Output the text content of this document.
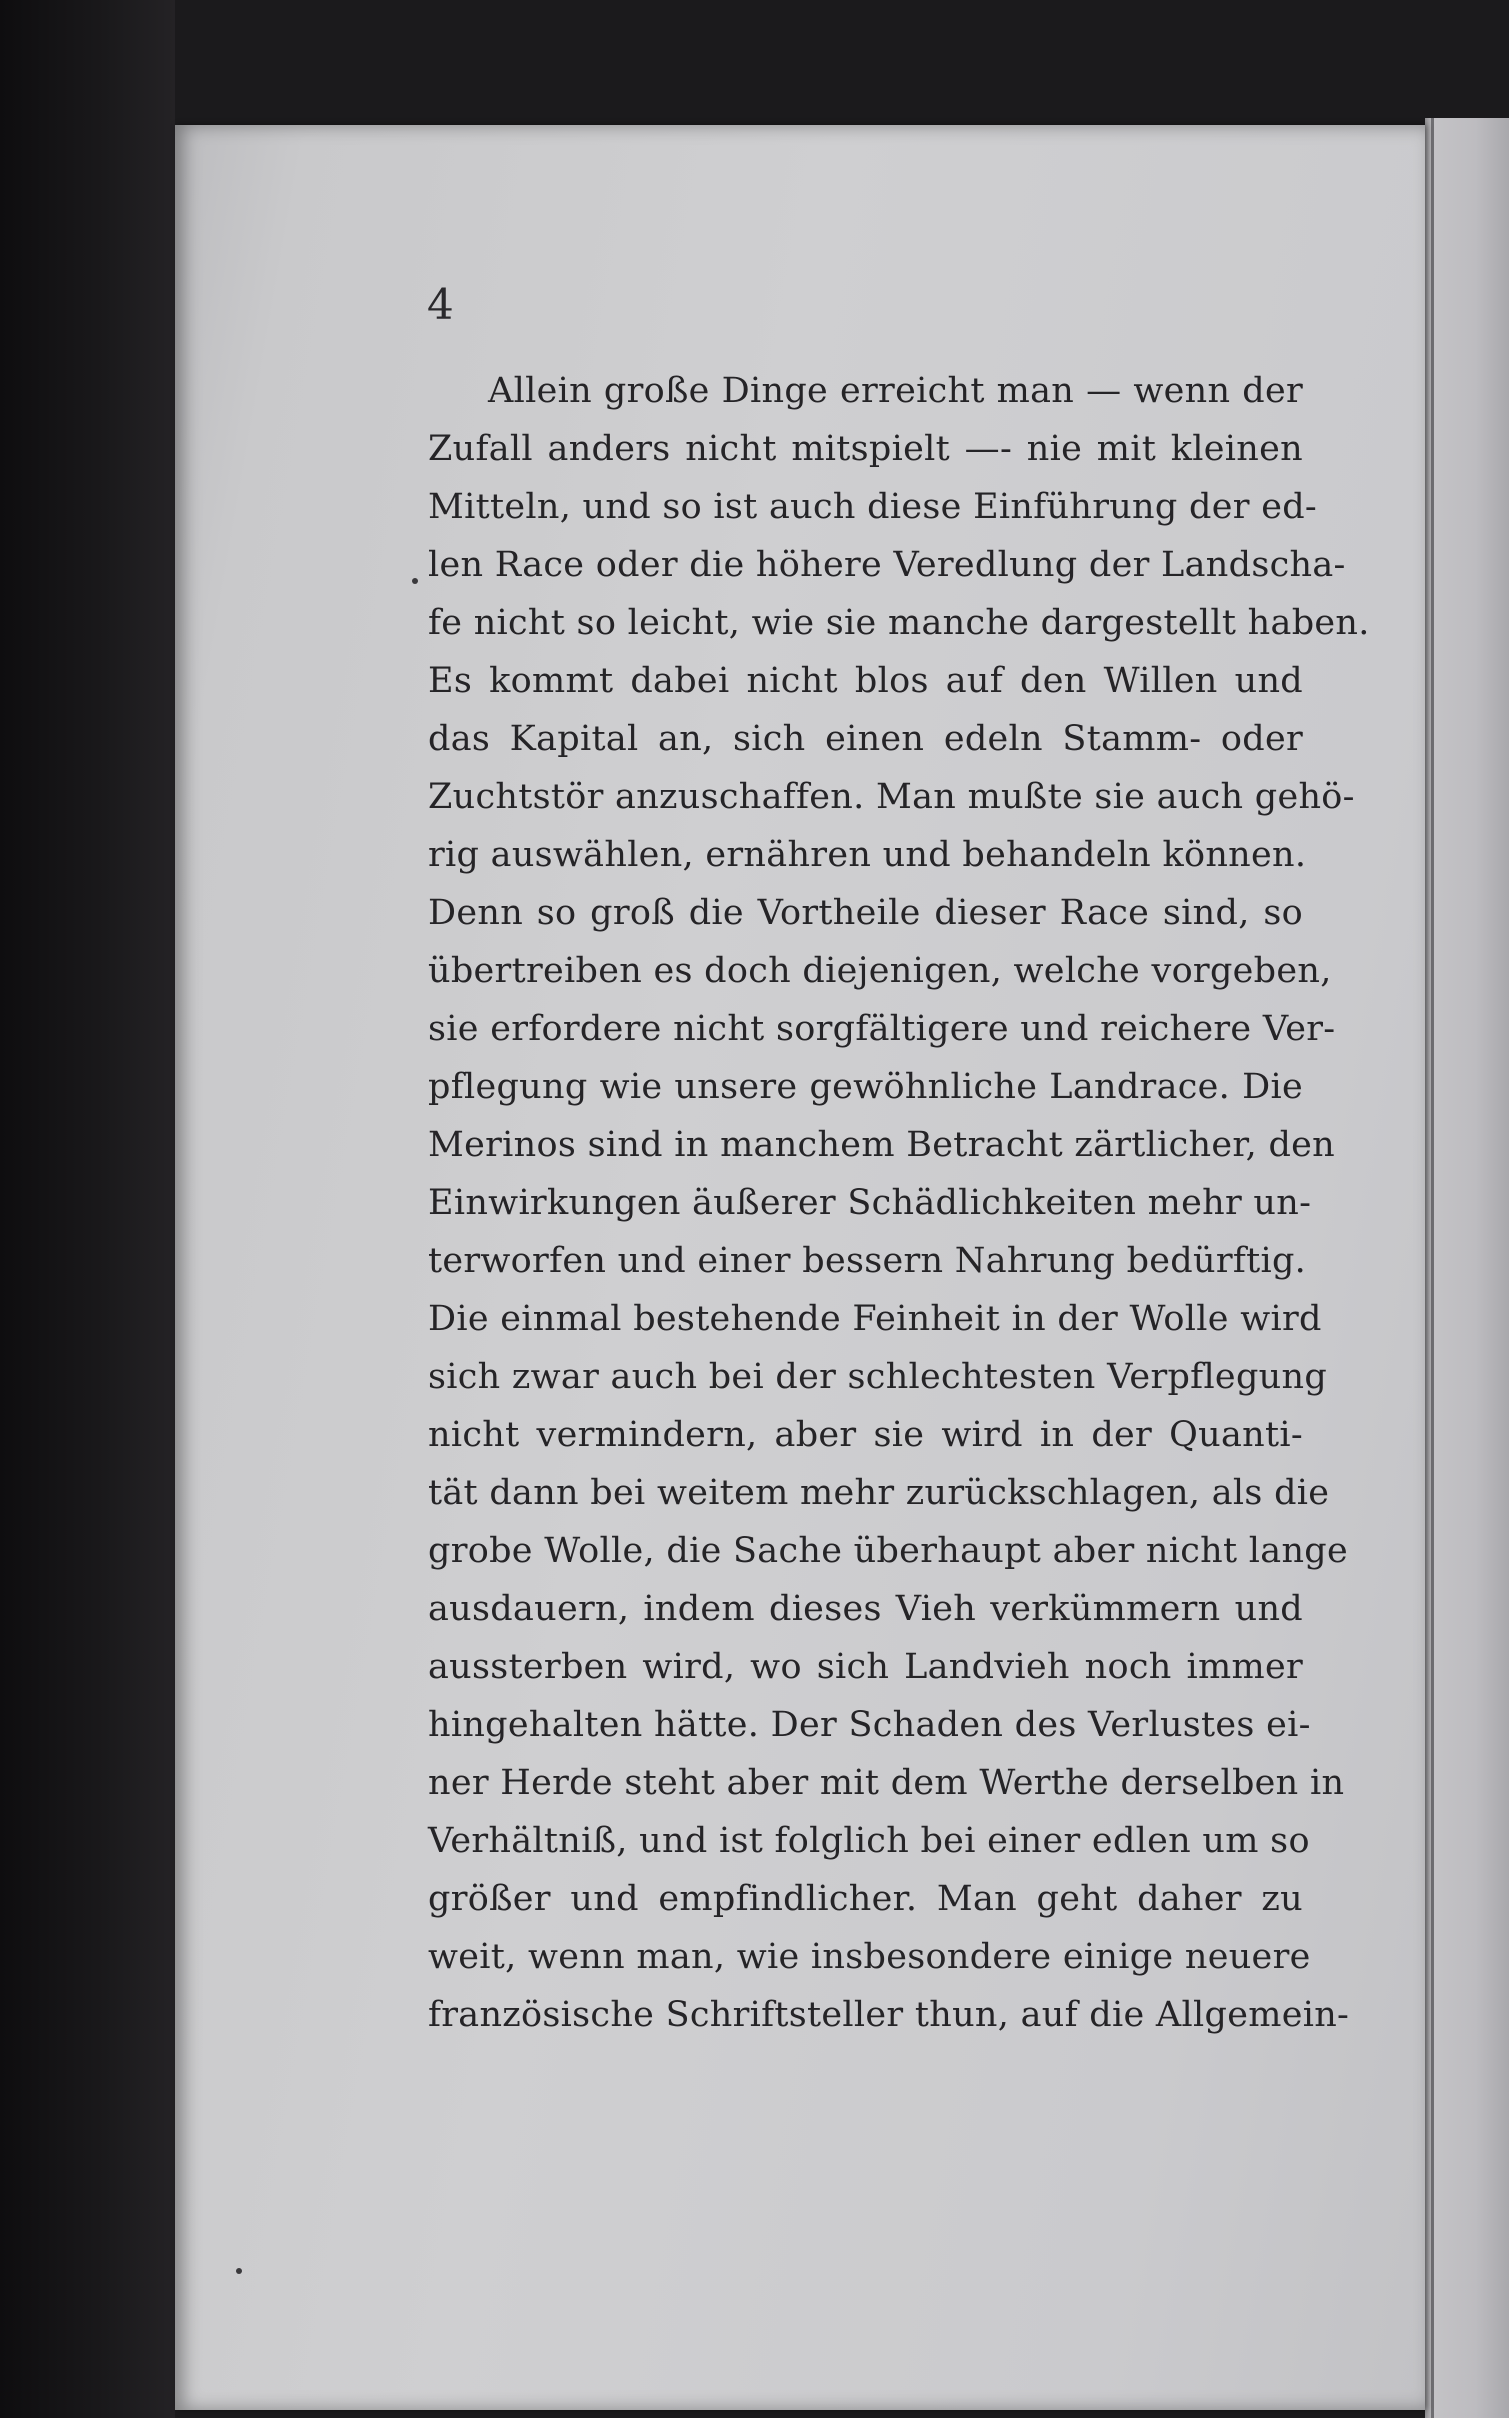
4
Allein große Dinge erreicht man — wenn der
Zufall anders nicht mitspielt —- nie mit kleinen
Mitteln, und so ist auch diese Einführung der ed-
len Race oder die höhere Veredlung der Landscha-
fe nicht so leicht, wie sie manche dargestellt haben.
Es kommt dabei nicht blos auf den Willen und
das Kapital an, sich einen edeln Stamm- oder
Zuchtstör anzuschaffen. Man mußte sie auch gehö-
rig auswählen, ernähren und behandeln können.
Denn so groß die Vortheile dieser Race sind, so
übertreiben es doch diejenigen, welche vorgeben,
sie erfordere nicht sorgfältigere und reichere Ver-
pflegung wie unsere gewöhnliche Landrace. Die
Merinos sind in manchem Betracht zärtlicher, den
Einwirkungen äußerer Schädlichkeiten mehr un-
terworfen und einer bessern Nahrung bedürftig.
Die einmal bestehende Feinheit in der Wolle wird
sich zwar auch bei der schlechtesten Verpflegung
nicht vermindern, aber sie wird in der Quanti-
tät dann bei weitem mehr zurückschlagen, als die
grobe Wolle, die Sache überhaupt aber nicht lange
ausdauern, indem dieses Vieh verkümmern und
aussterben wird, wo sich Landvieh noch immer
hingehalten hätte. Der Schaden des Verlustes ei-
ner Herde steht aber mit dem Werthe derselben in
Verhältniß, und ist folglich bei einer edlen um so
größer und empfindlicher. Man geht daher zu
weit, wenn man, wie insbesondere einige neuere
französische Schriftsteller thun, auf die Allgemein-
